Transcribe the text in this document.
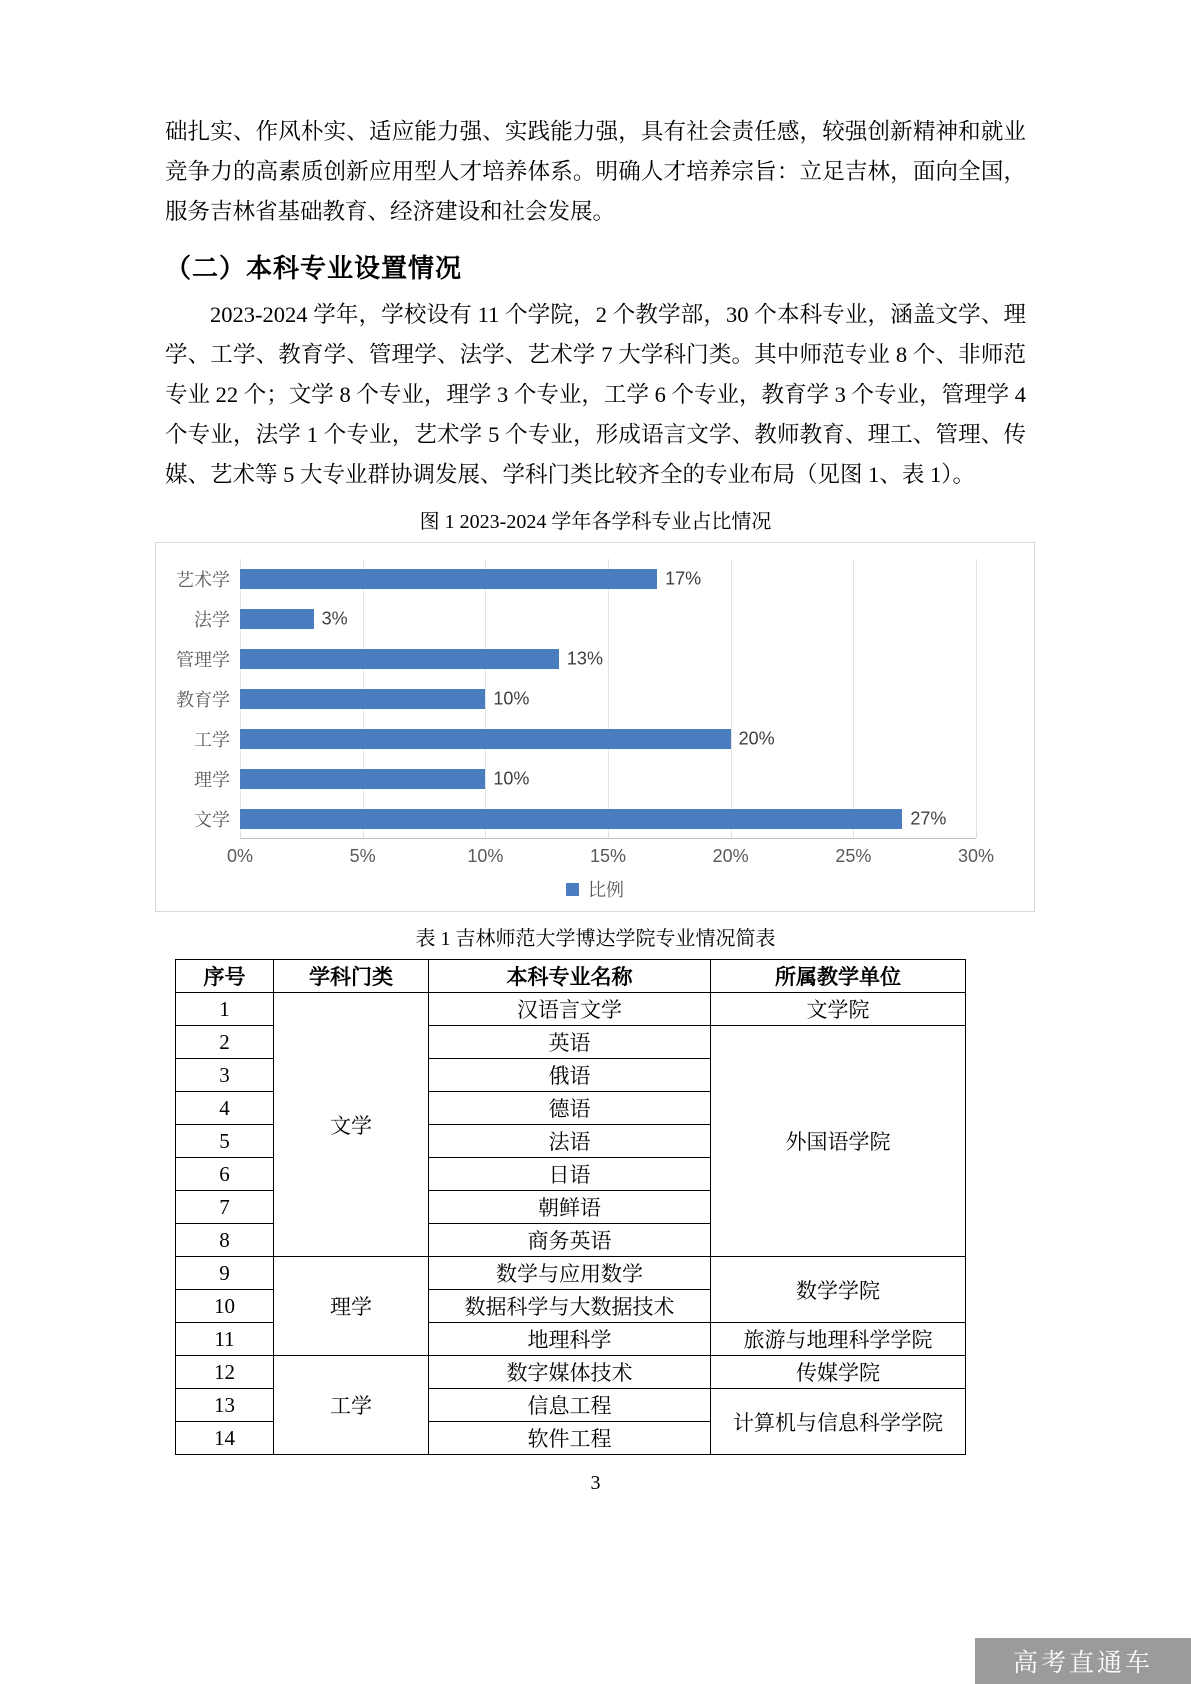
础扎实、作风朴实、适应能力强、实践能力强，具有社会责任感，较强创新精神和就业竞争力的高素质创新应用型人才培养体系。明确人才培养宗旨：立足吉林，面向全国，服务吉林省基础教育、经济建设和社会发展。

（二）本科专业设置情况

2023-2024 学年，学校设有 11 个学院，2 个教学部，30 个本科专业，涵盖文学、理学、工学、教育学、管理学、法学、艺术学 7 大学科门类。其中师范专业 8 个、非师范专业 22 个；文学 8 个专业，理学 3 个专业，工学 6 个专业，教育学 3 个专业，管理学 4 个专业，法学 1 个专业，艺术学 5 个专业，形成语言文学、教师教育、理工、管理、传媒、艺术等 5 大专业群协调发展、学科门类比较齐全的专业布局（见图 1、表 1）。

图 1 2023-2024 学年各学科专业占比情况
艺术学	17%
法学	3%
管理学	13%
教育学	10%
工学	20%
理学	10%
文学	27%
0%	5%	10%	15%	20%	25%	30%
比例
表 1 吉林师范大学博达学院专业情况简表
序号	学科门类	本科专业名称	所属教学单位
1	文学	汉语言文学	文学院
2		英语	外国语学院
3		俄语	
4		德语	
5		法语	
6		日语	
7		朝鲜语	
8		商务英语	
9	理学	数学与应用数学	数学学院
10		数据科学与大数据技术	
11		地理科学	旅游与地理科学学院
12	工学	数字媒体技术	传媒学院
13		信息工程	计算机与信息科学学院
14		软件工程	
3
高考直通车
